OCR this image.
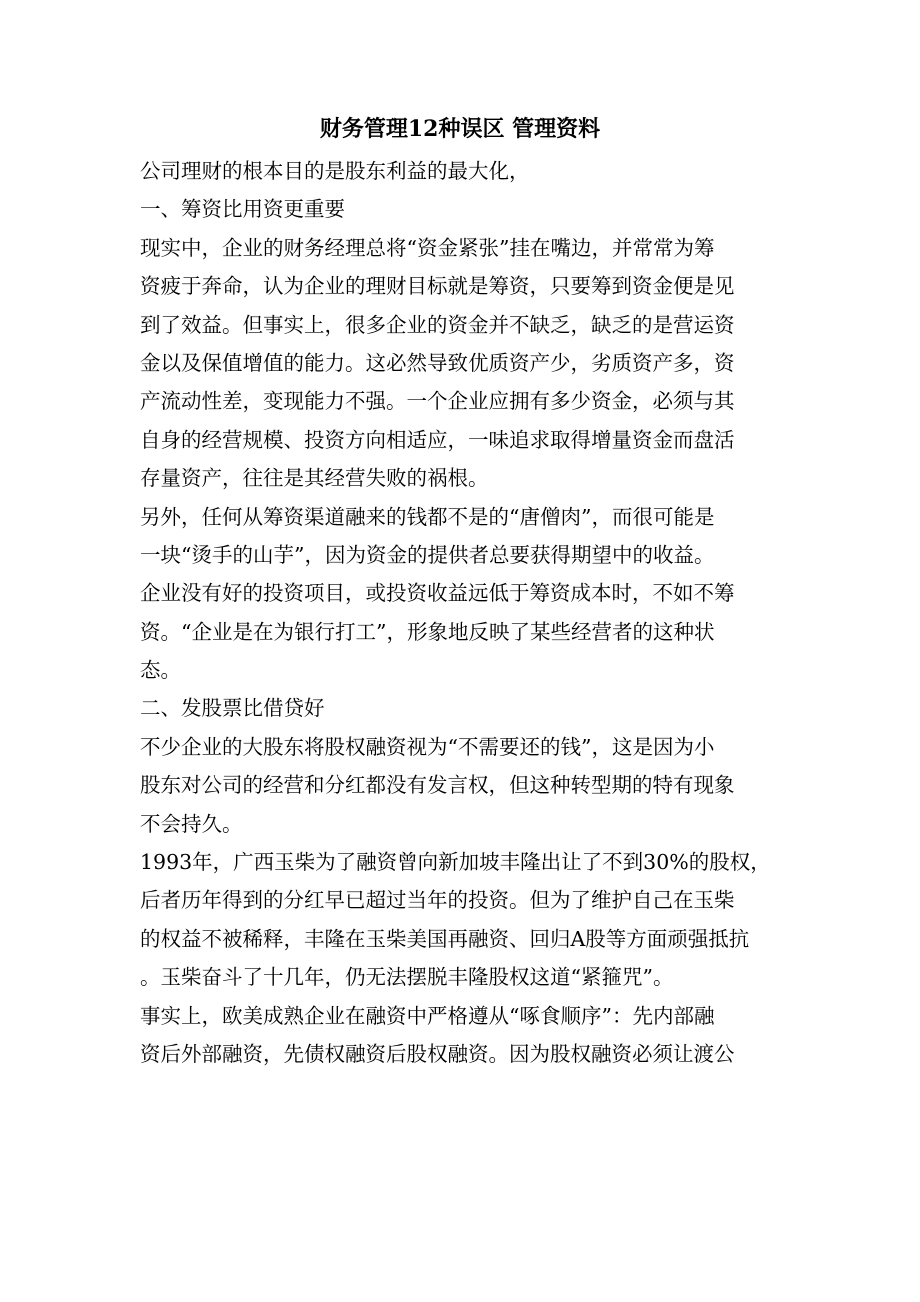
财务管理12种误区 管理资料
公司理财的根本目的是股东利益的最大化，
一、筹资比用资更重要
现实中，企业的财务经理总将“资金紧张”挂在嘴边，并常常为筹
资疲于奔命，认为企业的理财目标就是筹资，只要筹到资金便是见
到了效益。但事实上，很多企业的资金并不缺乏，缺乏的是营运资
金以及保值增值的能力。这必然导致优质资产少，劣质资产多，资
产流动性差，变现能力不强。一个企业应拥有多少资金，必须与其
自身的经营规模、投资方向相适应，一味追求取得增量资金而盘活
存量资产，往往是其经营失败的祸根。
另外，任何从筹资渠道融来的钱都不是的“唐僧肉”，而很可能是
一块“烫手的山芋”，因为资金的提供者总要获得期望中的收益。
企业没有好的投资项目，或投资收益远低于筹资成本时，不如不筹
资。“企业是在为银行打工”，形象地反映了某些经营者的这种状
态。
二、发股票比借贷好
不少企业的大股东将股权融资视为“不需要还的钱”，这是因为小
股东对公司的经营和分红都没有发言权，但这种转型期的特有现象
不会持久。
1993年，广西玉柴为了融资曾向新加坡丰隆出让了不到30%的股权，
后者历年得到的分红早已超过当年的投资。但为了维护自己在玉柴
的权益不被稀释，丰隆在玉柴美国再融资、回归A股等方面顽强抵抗
。玉柴奋斗了十几年，仍无法摆脱丰隆股权这道“紧箍咒”。
事实上，欧美成熟企业在融资中严格遵从“啄食顺序”：先内部融
资后外部融资，先债权融资后股权融资。因为股权融资必须让渡公
